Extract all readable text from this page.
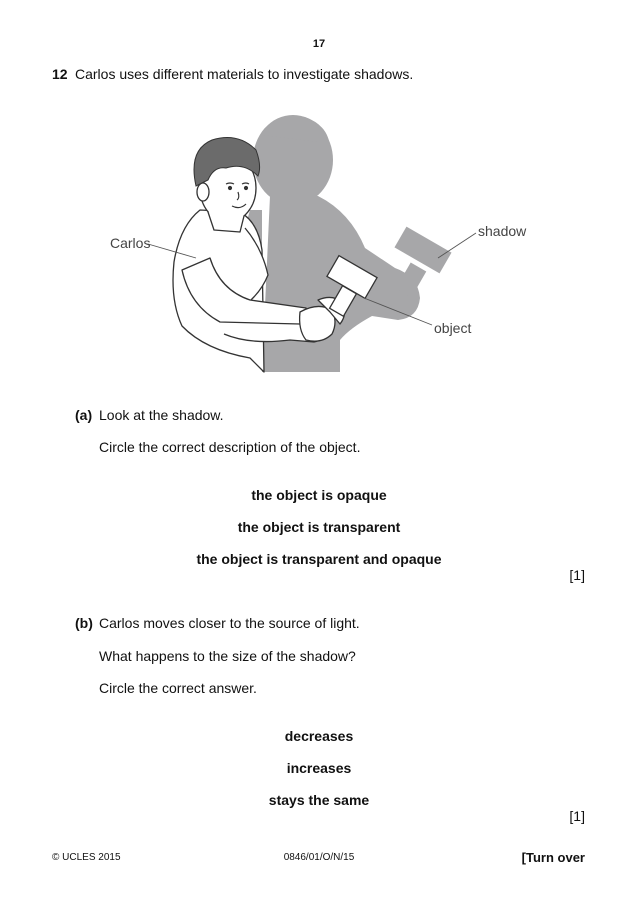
17
12 Carlos uses different materials to investigate shadows.
Carlos
shadow
object
(a) Look at the shadow.
Circle the correct description of the object.
the object is opaque
the object is transparent
the object is transparent and opaque
[1]
(b) Carlos moves closer to the source of light.
What happens to the size of the shadow?
Circle the correct answer.
decreases
increases
stays the same
[1]
© UCLES 2015	0846/01/O/N/15	[Turn over
